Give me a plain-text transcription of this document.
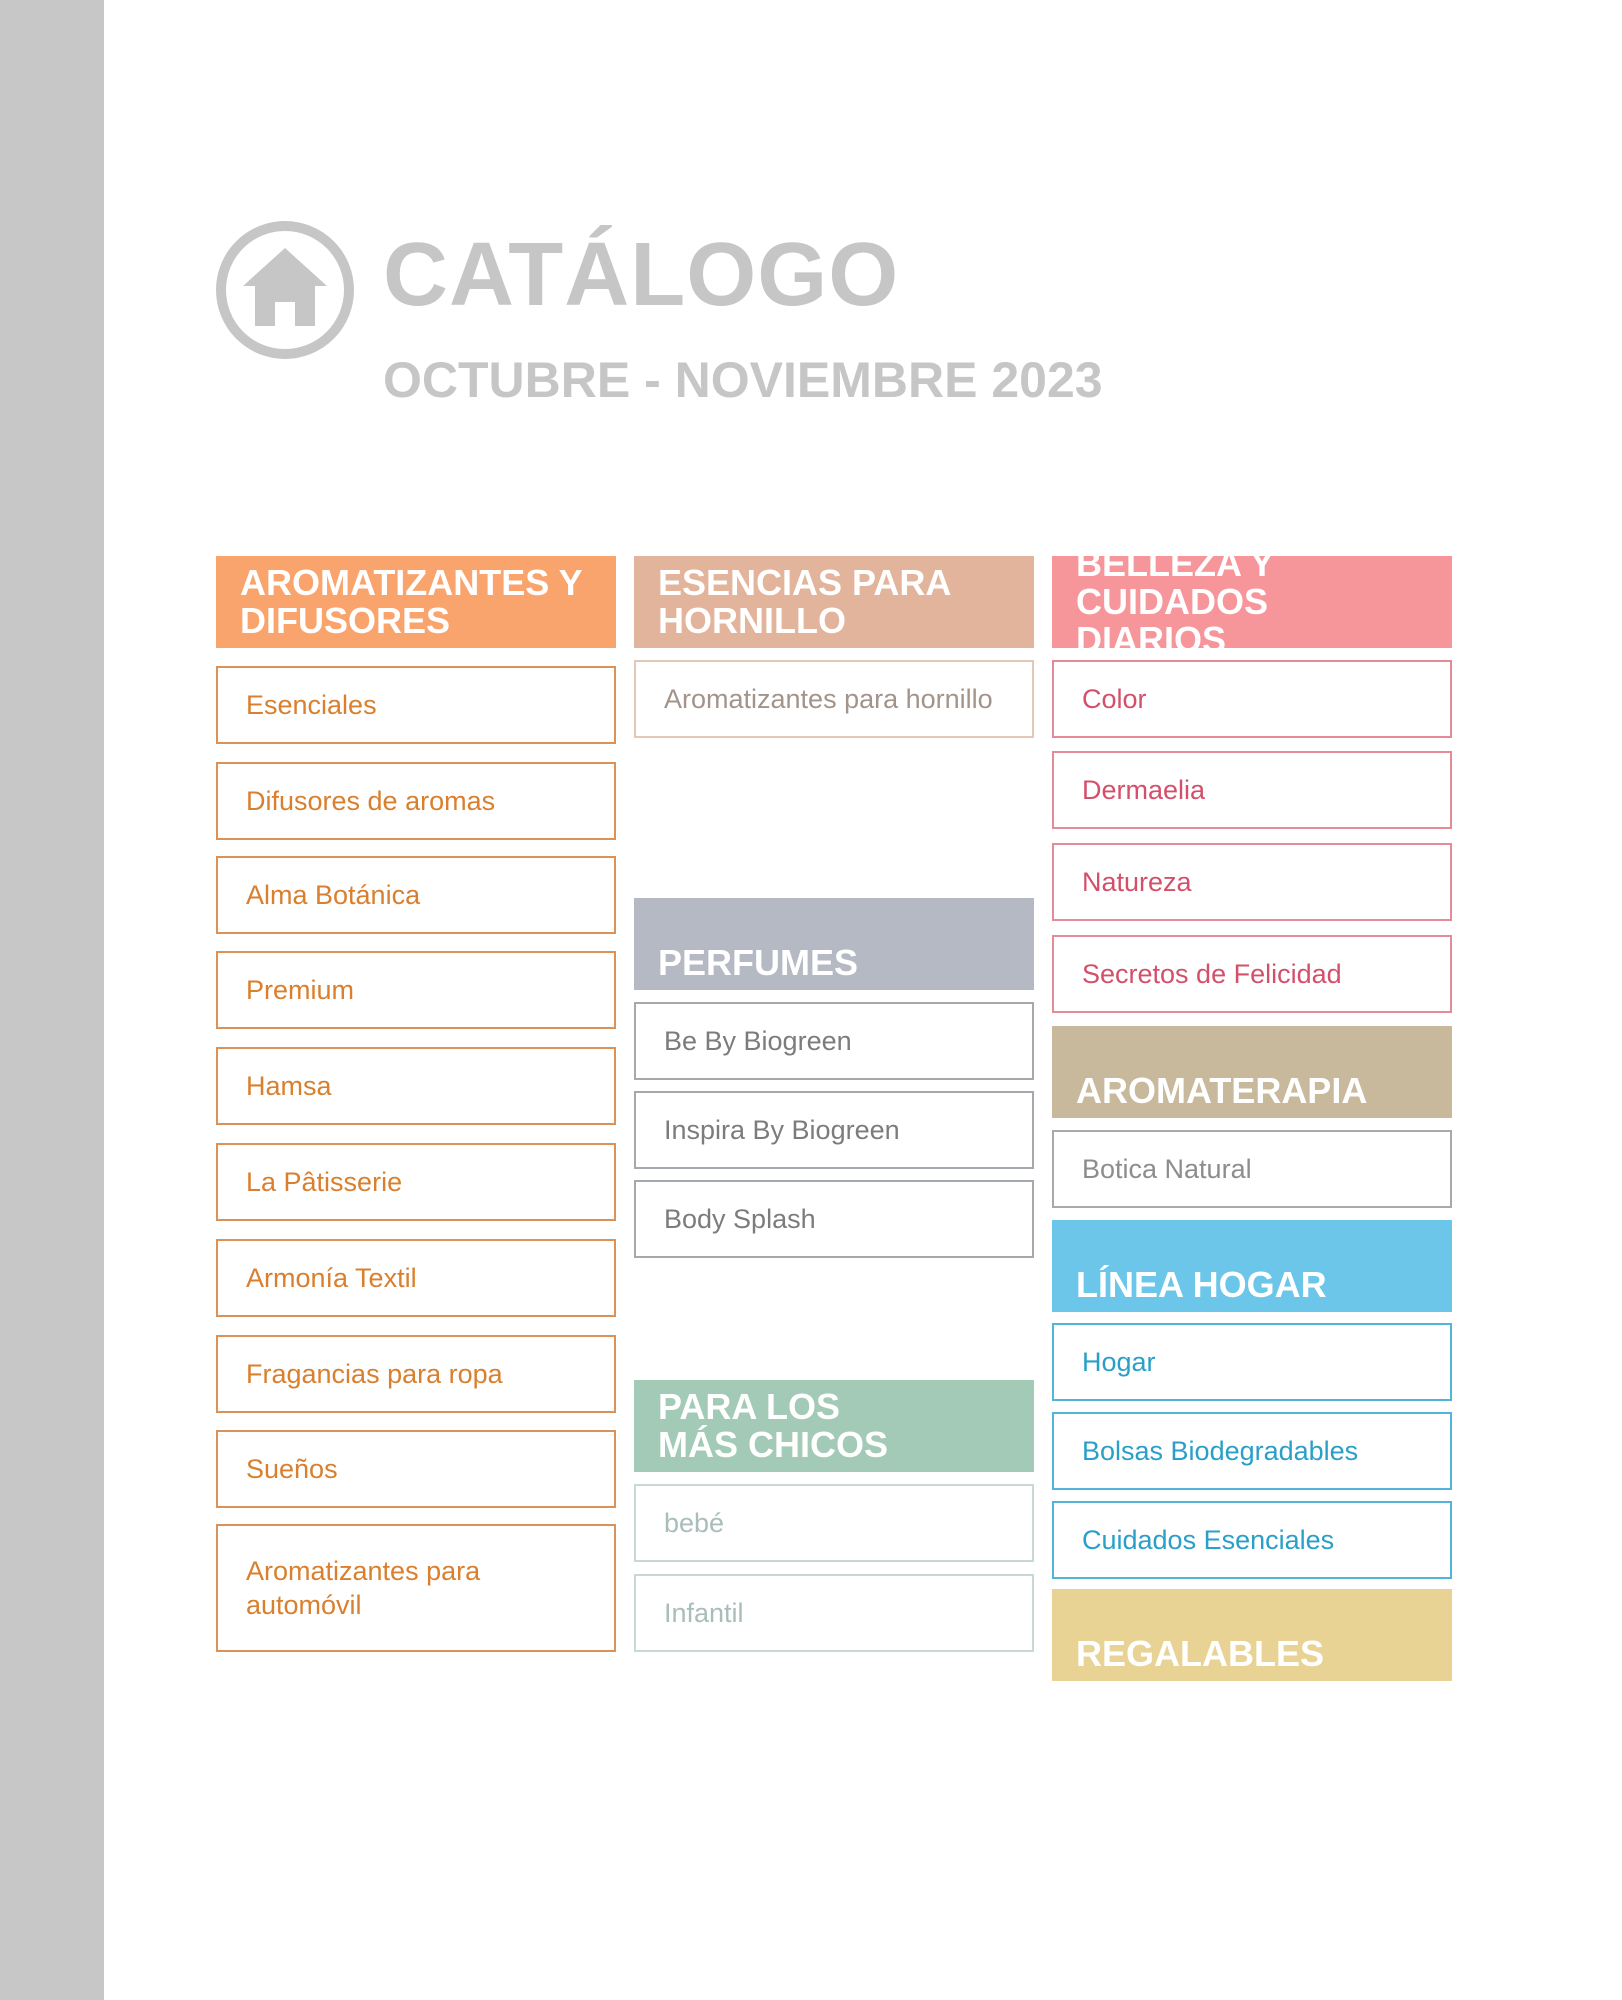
CATÁLOGO
OCTUBRE - NOVIEMBRE 2023
AROMATIZANTES Y
DIFUSORES
Esenciales
Difusores de aromas
Alma Botánica
Premium
Hamsa
La Pâtisserie
Armonía Textil
Fragancias para ropa
Sueños
Aromatizantes para
automóvil
ESENCIAS PARA
HORNILLO
Aromatizantes para hornillo
PERFUMES
Be By Biogreen
Inspira By Biogreen
Body Splash
PARA LOS
MÁS CHICOS
bebé
Infantil
BELLEZA Y
CUIDADOS DIARIOS
Color
Dermaelia
Natureza
Secretos de Felicidad
AROMATERAPIA
Botica Natural
LÍNEA HOGAR
Hogar
Bolsas Biodegradables
Cuidados Esenciales
REGALABLES
